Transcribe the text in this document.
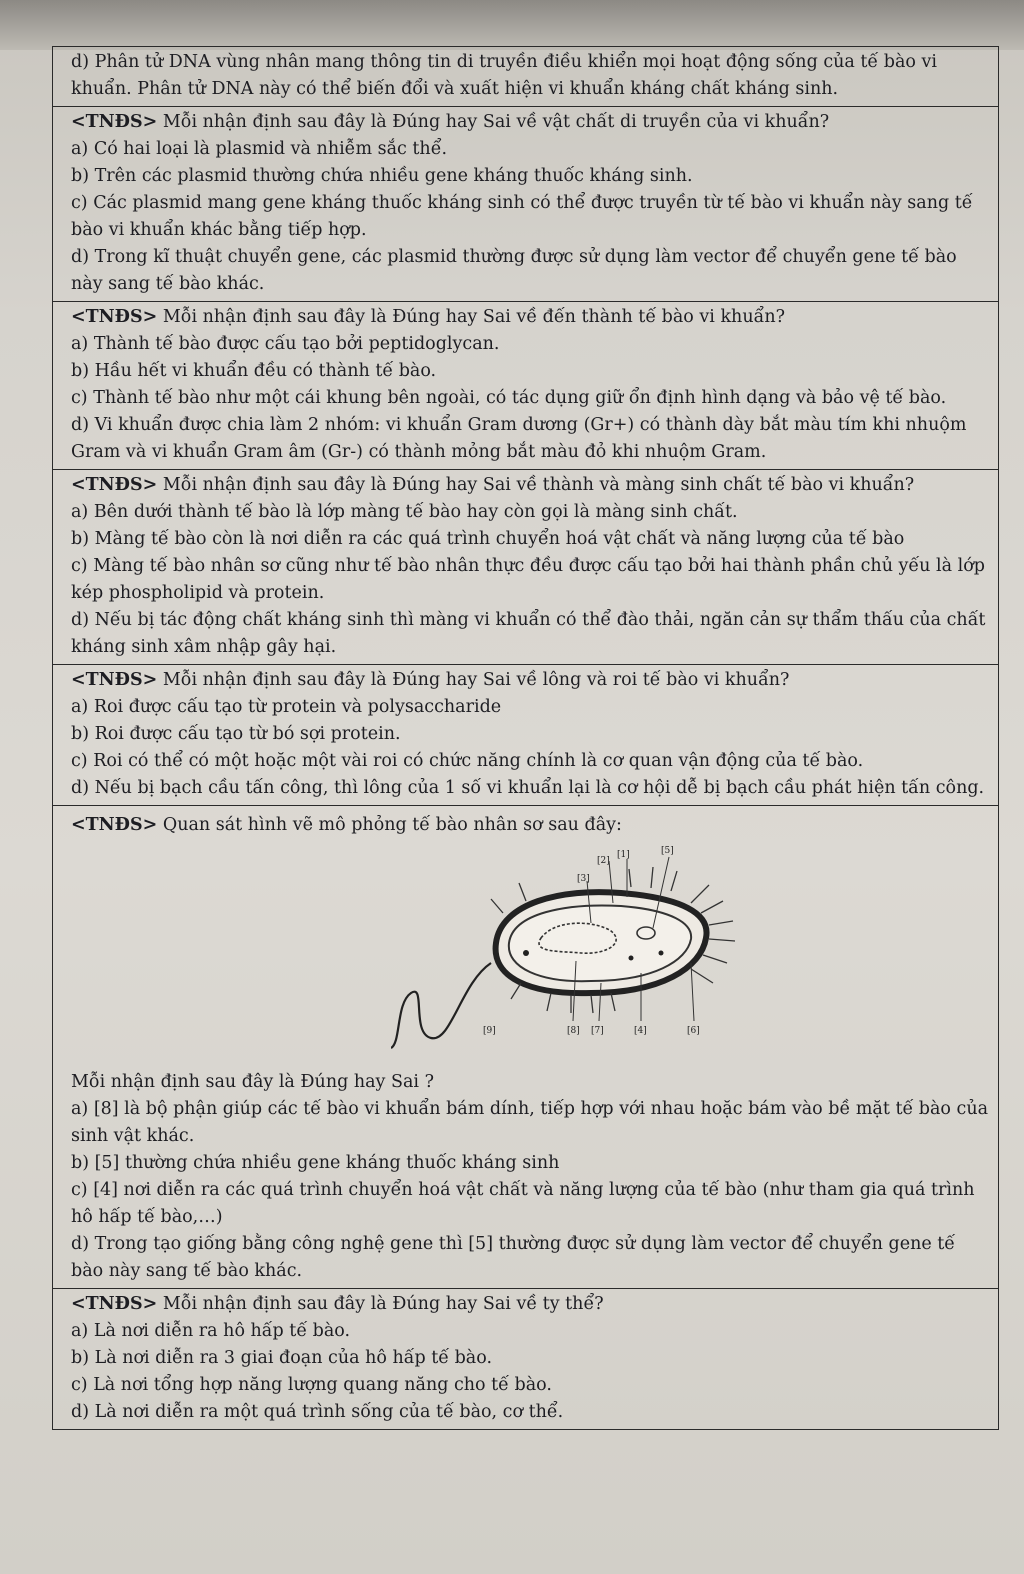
d) Phân tử DNA vùng nhân mang thông tin di truyền điều khiển mọi hoạt động sống của tế bào vi khuẩn. Phân tử DNA này có thể biến đổi và xuất hiện vi khuẩn kháng chất kháng sinh.
<TNĐS> Mỗi nhận định sau đây là Đúng hay Sai về vật chất di truyền của vi khuẩn?
a) Có hai loại là plasmid và nhiễm sắc thể.
b) Trên các plasmid thường chứa nhiều gene kháng thuốc kháng sinh.
c) Các plasmid mang gene kháng thuốc kháng sinh có thể được truyền từ tế bào vi khuẩn này sang tế bào vi khuẩn khác bằng tiếp hợp.
d) Trong kĩ thuật chuyển gene, các plasmid thường được sử dụng làm vector để chuyển gene tế bào này sang tế bào khác.
<TNĐS> Mỗi nhận định sau đây là Đúng hay Sai về đến thành tế bào vi khuẩn?
a) Thành tế bào được cấu tạo bởi peptidoglycan.
b) Hầu hết vi khuẩn đều có thành tế bào.
c) Thành tế bào như một cái khung bên ngoài, có tác dụng giữ ổn định hình dạng và bảo vệ tế bào.
d) Vi khuẩn được chia làm 2 nhóm: vi khuẩn Gram dương (Gr+) có thành dày bắt màu tím khi nhuộm Gram và vi khuẩn Gram âm (Gr-) có thành mỏng bắt màu đỏ khi nhuộm Gram.
<TNĐS> Mỗi nhận định sau đây là Đúng hay Sai về thành và màng sinh chất tế bào vi khuẩn?
a) Bên dưới thành tế bào là lớp màng tế bào hay còn gọi là màng sinh chất.
b) Màng tế bào còn là nơi diễn ra các quá trình chuyển hoá vật chất và năng lượng của tế bào
c) Màng tế bào nhân sơ cũng như tế bào nhân thực đều được cấu tạo bởi hai thành phần chủ yếu là lớp kép phospholipid và protein.
d) Nếu bị tác động chất kháng sinh thì màng vi khuẩn có thể đào thải, ngăn cản sự thẩm thấu của chất kháng sinh xâm nhập gây hại.
<TNĐS> Mỗi nhận định sau đây là Đúng hay Sai về lông và roi tế bào vi khuẩn?
a) Roi được cấu tạo từ protein và polysaccharide
b) Roi được cấu tạo từ bó sợi protein.
c) Roi có thể có một hoặc một vài roi có chức năng chính là cơ quan vận động của tế bào.
d) Nếu bị bạch cầu tấn công, thì lông của 1 số vi khuẩn lại là cơ hội dễ bị bạch cầu phát hiện tấn công.
<TNĐS> Quan sát hình vẽ mô phỏng tế bào nhân sơ sau đây:
[1]
[2]
[3]
[4]
[5]
[6]
[7]
[8]
[9]
Mỗi nhận định sau đây là Đúng hay Sai ?
a) [8] là bộ phận giúp các tế bào vi khuẩn bám dính, tiếp hợp với nhau hoặc bám vào bề mặt tế bào của sinh vật khác.
b) [5] thường chứa nhiều gene kháng thuốc kháng sinh
c) [4] nơi diễn ra các quá trình chuyển hoá vật chất và năng lượng của tế bào (như tham gia quá trình hô hấp tế bào,…)
d) Trong tạo giống bằng công nghệ gene thì [5] thường được sử dụng làm vector để chuyển gene tế bào này sang tế bào khác.
<TNĐS> Mỗi nhận định sau đây là Đúng hay Sai về ty thể?
a) Là nơi diễn ra hô hấp tế bào.
b) Là nơi diễn ra 3 giai đoạn của hô hấp tế bào.
c) Là nơi tổng hợp năng lượng quang năng cho tế bào.
d) Là nơi diễn ra một quá trình sống của tế bào, cơ thể.
